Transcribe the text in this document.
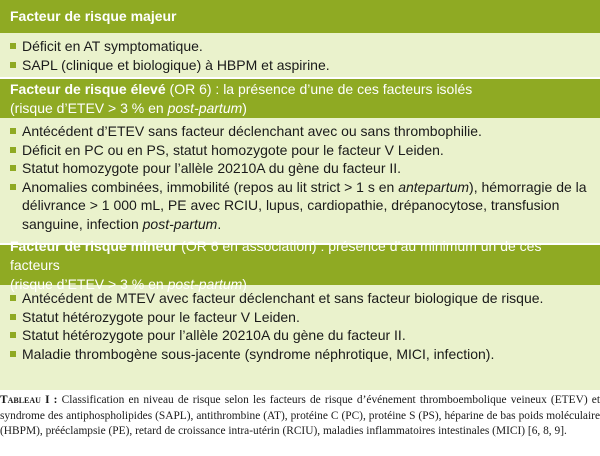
Facteur de risque majeur
Déficit en AT symptomatique.
SAPL (clinique et biologique) à HBPM et aspirine.
Facteur de risque élevé (OR 6) : la présence d’une de ces facteurs isolés
(risque d’ETEV > 3 % en post-partum)
Antécédent d’ETEV sans facteur déclenchant avec ou sans thrombophilie.
Déficit en PC ou en PS, statut homozygote pour le facteur V Leiden.
Statut homozygote pour l’allèle 20210A du gène du facteur II.
Anomalies combinées, immobilité (repos au lit strict > 1 s en antepartum), hémorragie de la délivrance > 1 000 mL, PE avec RCIU, lupus, cardiopathie, drépanocytose, transfusion sanguine, infection post-partum.
Facteur de risque mineur (OR 6 en association) : présence d’au minimum un de ces facteurs
(risque d’ETEV > 3 % en post-partum)
Antécédent de MTEV avec facteur déclenchant et sans facteur biologique de risque.
Statut hétérozygote pour le facteur V Leiden.
Statut hétérozygote pour l’allèle 20210A du gène du facteur II.
Maladie thrombogène sous-jacente (syndrome néphrotique, MICI, infection).
Tableau I : Classification en niveau de risque selon les facteurs de risque d’événement thromboembolique veineux (ETEV) et syndrome des antiphospholipides (SAPL), antithrombine (AT), protéine C (PC), protéine S (PS), héparine de bas poids moléculaire (HBPM), prééclampsie (PE), retard de croissance intra-utérin (RCIU), maladies inflammatoires intestinales (MICI) [6, 8, 9].
